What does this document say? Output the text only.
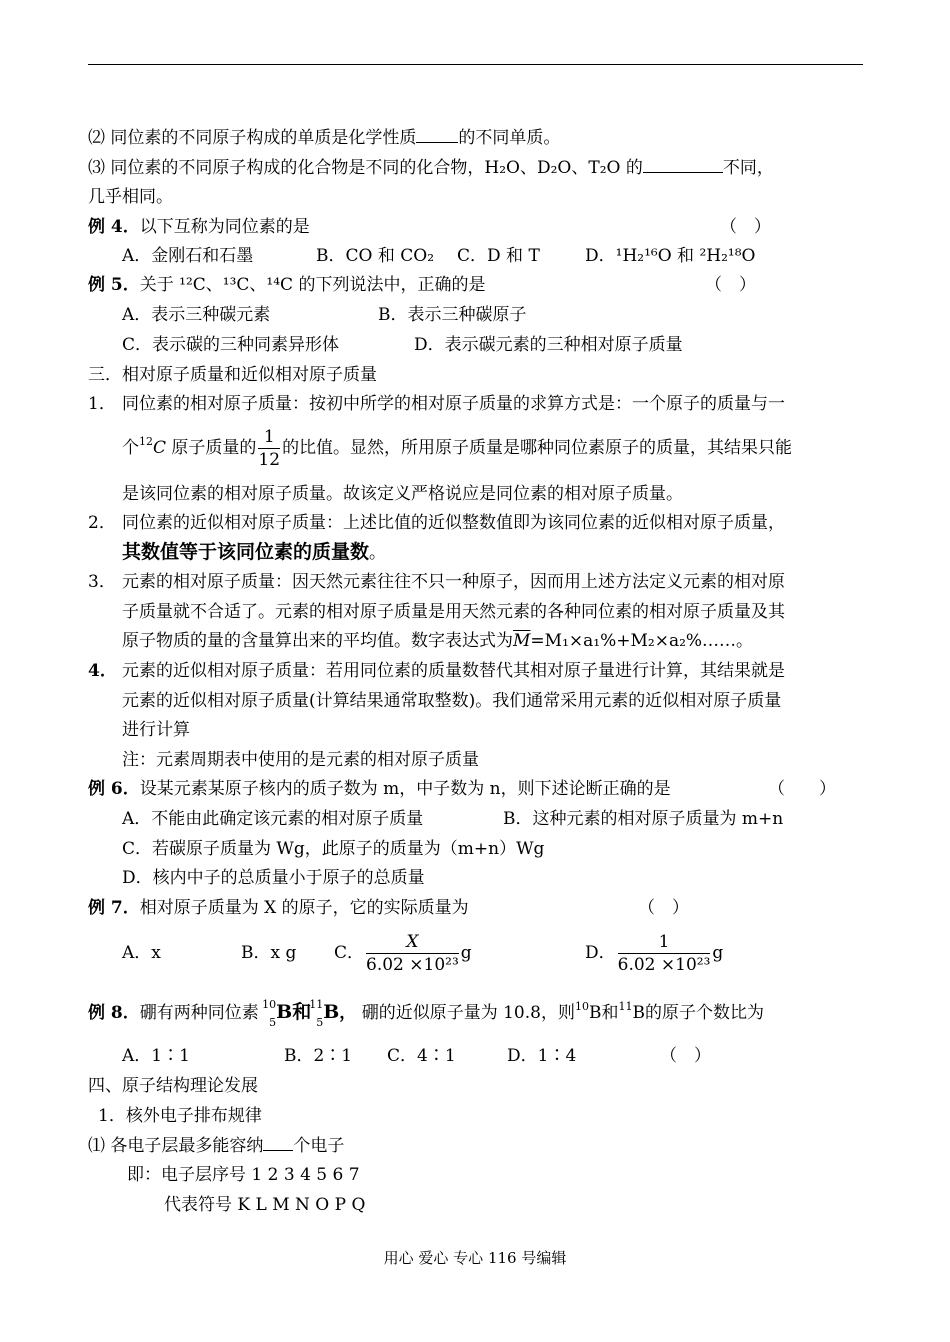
⑵ 同位素的不同原子构成的单质是化学性质 的不同单质。
⑶ 同位素的不同原子构成的化合物是不同的化合物，H₂O、D₂O、T₂O 的	不同，
几乎相同。
例 4．以下互称为同位素的是	（　）
A．金刚石和石墨	B．CO 和 CO₂ C．D 和 T	D．¹H₂¹⁶O 和 ²H₂¹⁸O
例 5．关于 ¹²C、¹³C、¹⁴C 的下列说法中，正确的是	（　）
A．表示三种碳元素	B．表示三种碳原子
C．表示碳的三种同素异形体	D．表示碳元素的三种相对原子质量
三．相对原子质量和近似相对原子质量
1． 同位素的相对原子质量：按初中所学的相对原子质量的求算方式是：一个原子的质量与一
个$^{12}$C 原子质量的 $\frac{1}{12}$ 的比值。显然，所用原子质量是哪种同位素原子的质量，其结果只能
是该同位素的相对原子质量。故该定义严格说应是同位素的相对原子质量。
2． 同位素的近似相对原子质量：上述比值的近似整数值即为该同位素的近似相对原子质量，
其数值等于该同位素的质量数。
3． 元素的相对原子质量：因天然元素往往不只一种原子，因而用上述方法定义元素的相对原
子质量就不合适了。元素的相对原子质量是用天然元素的各种同位素的相对原子质量及其
原子物质的量的含量算出来的平均值。数字表达式为$\overline{M}=M_1\times a_1\%+M_2\times a_2\%\dots\dots$。
4． 元素的近似相对原子质量：若用同位素的质量数替代其相对原子量进行计算，其结果就是
元素的近似相对原子质量(计算结果通常取整数)。我们通常采用元素的近似相对原子质量
进行计算
注：元素周期表中使用的是元素的相对原子质量
例 6．设某元素某原子核内的质子数为 m，中子数为 n，则下述论断正确的是	（　　）
A．不能由此确定该元素的相对原子质量	B．这种元素的相对原子质量为 m+n
C．若碳原子质量为 Wg，此原子的质量为（m+n）Wg
D．核内中子的总质量小于原子的总质量
例 7．相对原子质量为 X 的原子，它的实际质量为	（　）
A．x	B．x g C． $\frac{X}{\text{6.02 ×10²³}}$ g	D． $\frac{1}{\text{6.02 ×10²³}}$ g
例 8．硼有两种同位素 10
5 B和
11
5 B， 硼的近似原子量为 10.8，则$^{10}$B和$^{11}$B的原子个数比为
A．1∶1	B．2∶1 C．4∶1	D．1∶4	（　）
四、原子结构理论发展
1．核外电子排布规律
⑴ 各电子层最多能容纳 个电子
即：电子层序号 1 2 3 4 5 6 7
代表符号 K L M N O P Q
用心 爱心 专心 116 号编辑
